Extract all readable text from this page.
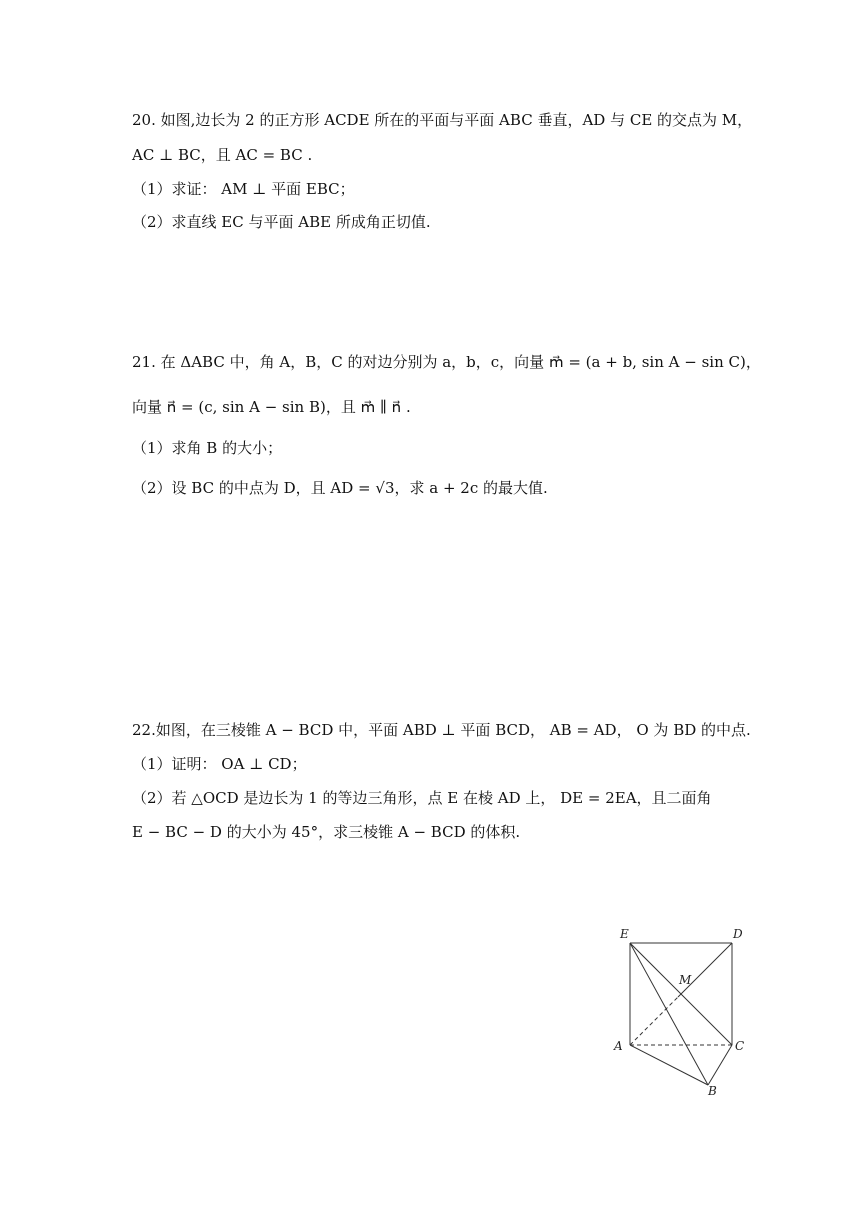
20. 如图,边长为 2 的正方形 ACDE 所在的平面与平面 ABC 垂直，AD 与 CE 的交点为 M，
AC ⊥ BC，且 AC = BC .
（1）求证： AM ⊥ 平面 EBC；
（2）求直线 EC 与平面 ABE 所成角正切值.
21. 在 ΔABC 中，角 A，B，C 的对边分别为 a，b，c，向量 m⃗ = (a + b, sin A − sin C)，
向量 n⃗ = (c, sin A − sin B)，且 m⃗ ∥ n⃗ .
（1）求角 B 的大小；
（2）设 BC 的中点为 D，且 AD = √3，求 a + 2c 的最大值.
22.如图，在三棱锥 A − BCD 中，平面 ABD ⊥ 平面 BCD， AB = AD， O 为 BD 的中点.
（1）证明： OA ⊥ CD；
（2）若 △OCD 是边长为 1 的等边三角形，点 E 在棱 AD 上， DE = 2EA，且二面角
E − BC − D 的大小为 45°，求三棱锥 A − BCD 的体积.
E	D
M
A	C
B
